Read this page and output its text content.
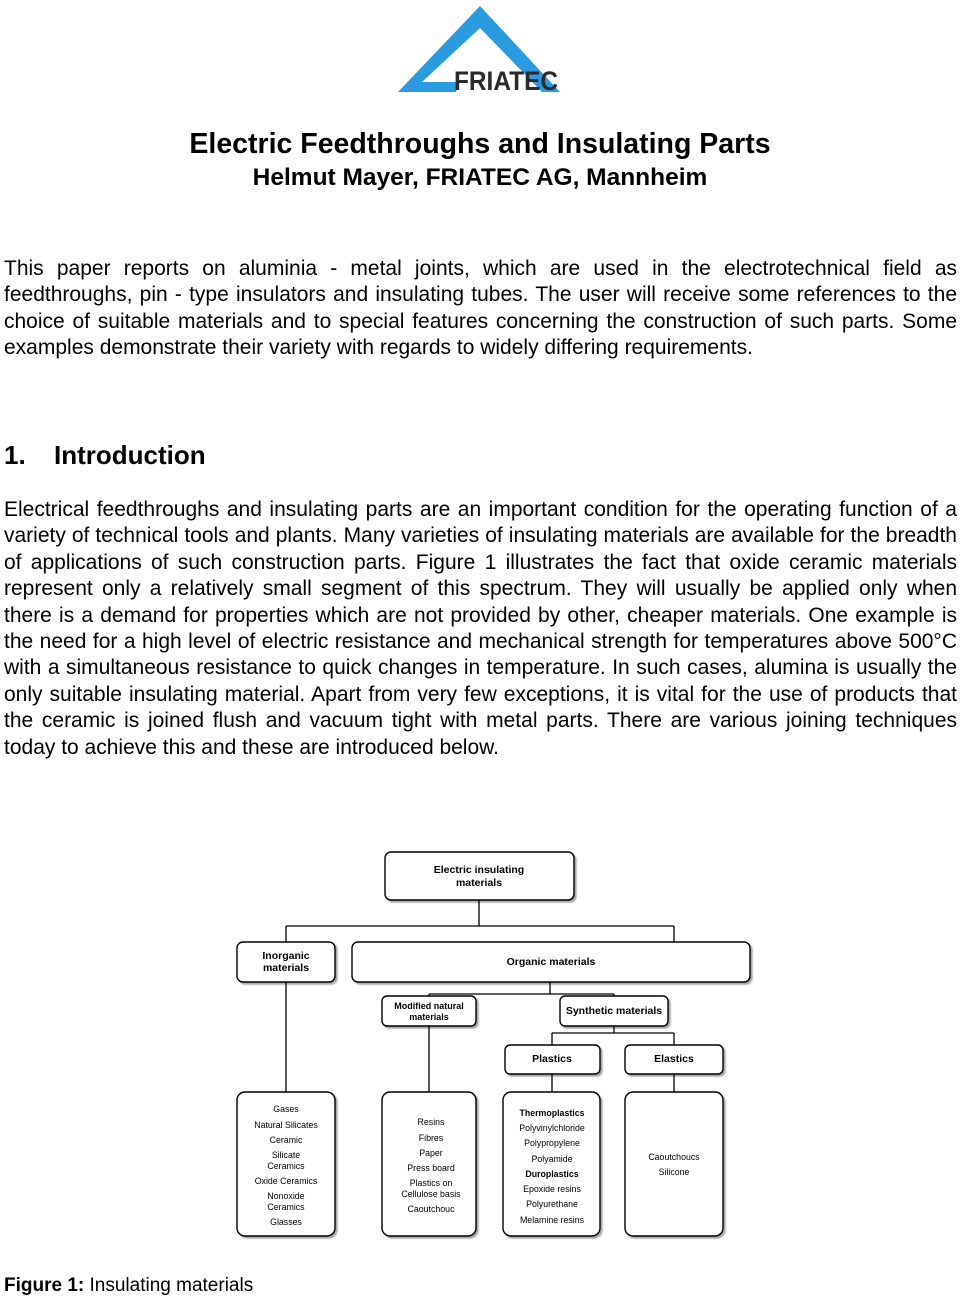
FRIATEC
Electric Feedthroughs and Insulating Parts
Helmut Mayer, FRIATEC AG, Mannheim

This paper reports on aluminia - metal joints, which are used in the electrotechnical field as feedthroughs, pin - type insulators and insulating tubes. The user will receive some references to the choice of suitable materials and to special features concerning the construction of such parts. Some examples demonstrate their variety with regards to widely differing requirements.

1. Introduction

Electrical feedthroughs and insulating parts are an important condition for the operating function of a variety of technical tools and plants. Many varieties of insulating materials are available for the breadth of applications of such construction parts. Figure 1 illustrates the fact that oxide ceramic materials represent only a relatively small segment of this spectrum. They will usually be applied only when there is a demand for properties which are not provided by other, cheaper materials. One example is the need for a high level of electric resistance and mechanical strength for temperatures above 500°C with a simultaneous resistance to quick changes in temperature. In such cases, alumina is usually the only suitable insulating material. Apart from very few exceptions, it is vital for the use of products that the ceramic is joined flush and vacuum tight with metal parts. There are various joining techniques today to achieve this and these are introduced below.

Electric insulating
materials
Inorganic
materials	Organic materials
Synthetic materials
Plastics	Elastics
Modified natural
materials
Gases
Natural Silicates
Ceramic
Silicate
Ceramics
Oxide Ceramics
Nonoxide
Ceramics
Glasses
Resins
Fibres
Paper
Press board
Plastics on
Cellulose basis
Caoutchouc
Thermoplastics
Polyvinylchloride
Polypropylene
Polyamide
Duroplastics
Epoxide resins
Polyurethane
Melamine resins
Caoutchoucs
Silicone
Figure 1: Insulating materials
